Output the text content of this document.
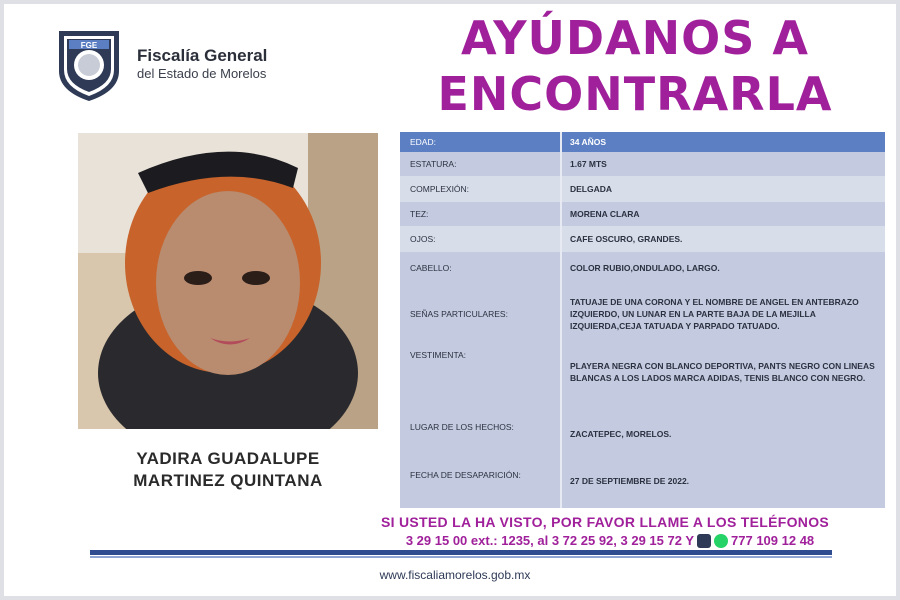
FGE
Fiscalía General
del Estado de Morelos
AYÚDANOS A
ENCONTRARLA
YADIRA GUADALUPE
MARTINEZ QUINTANA
EDAD:	34 AÑOS
ESTATURA:	1.67 MTS
COMPLEXIÓN:	DELGADA
TEZ:	MORENA CLARA
OJOS:	CAFE OSCURO, GRANDES.
CABELLO:	COLOR RUBIO,ONDULADO, LARGO.
SEÑAS PARTICULARES:
TATUAJE DE UNA CORONA Y EL NOMBRE DE ANGEL EN ANTEBRAZO IZQUIERDO, UN LUNAR EN LA PARTE BAJA DE LA MEJILLA IZQUIERDA,CEJA TATUADA Y PARPADO TATUADO.
VESTIMENTA:
PLAYERA NEGRA CON BLANCO DEPORTIVA, PANTS NEGRO CON LINEAS BLANCAS A LOS LADOS MARCA ADIDAS, TENIS BLANCO CON NEGRO.
LUGAR DE LOS HECHOS:
ZACATEPEC, MORELOS.
FECHA DE DESAPARICIÓN:
27 DE SEPTIEMBRE DE 2022.
SI USTED LA HA VISTO, POR FAVOR LLAME A LOS TELÉFONOS
3 29 15 00 ext.: 1235, al 3 72 25 92, 3 29 15 72 Y	777 109 12 48
www.fiscaliamorelos.gob.mx
